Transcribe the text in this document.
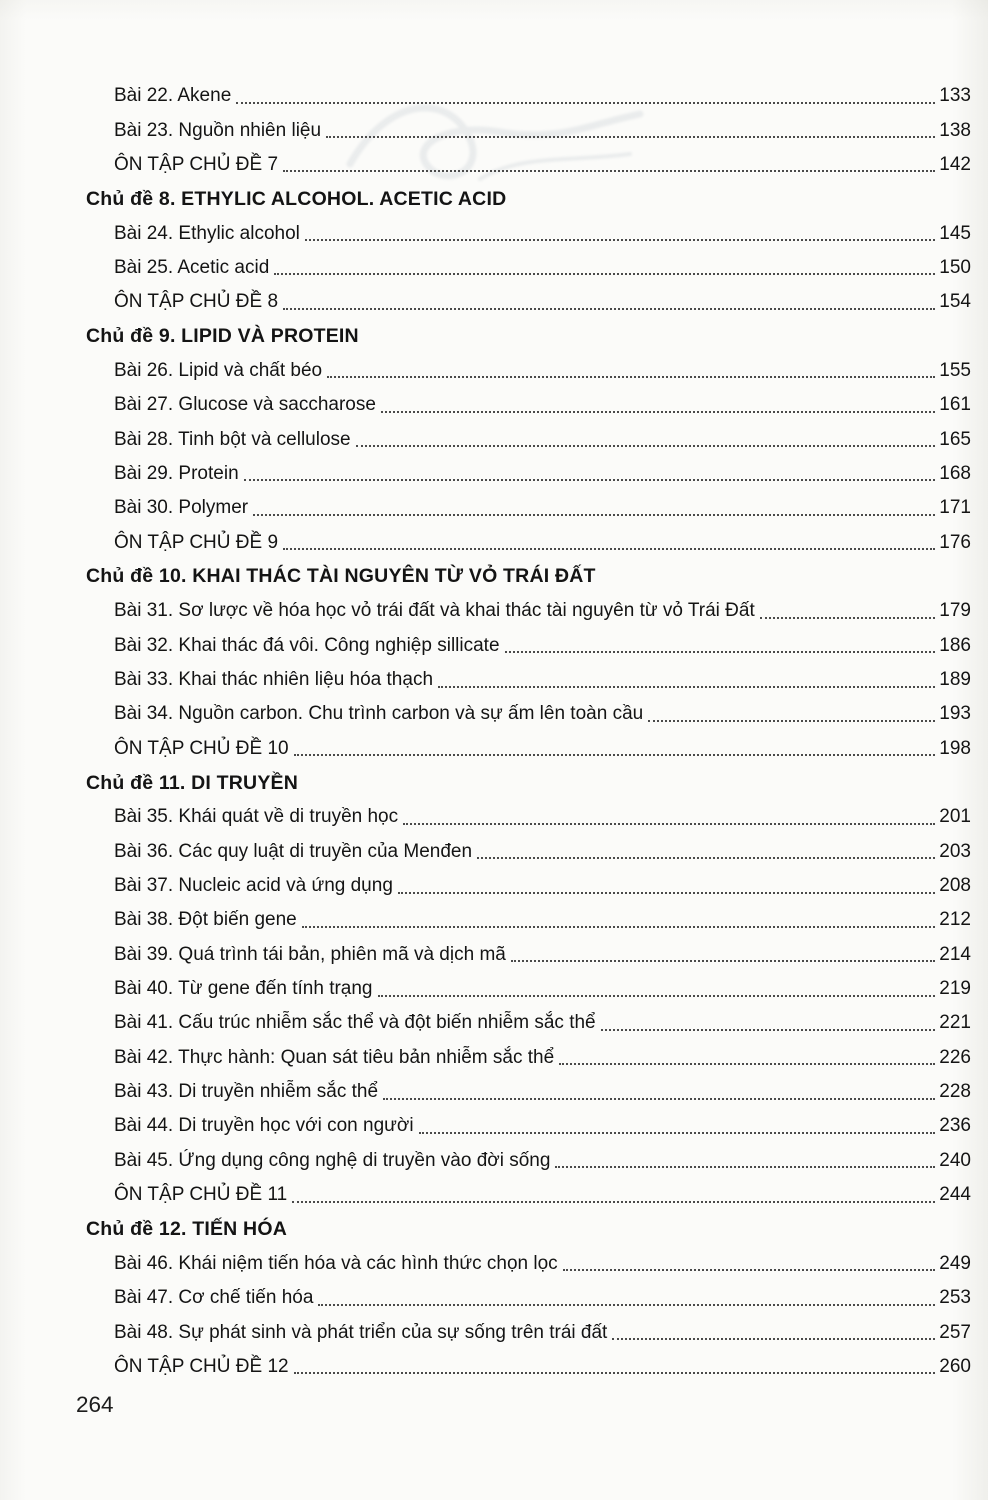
Bài 22. Akene	133
Bài 23. Nguồn nhiên liệu	138
ÔN TẬP CHỦ ĐỀ 7	142
Chủ đề 8. ETHYLIC ALCOHOL. ACETIC ACID
Bài 24. Ethylic alcohol	145
Bài 25. Acetic acid	150
ÔN TẬP CHỦ ĐỀ 8	154
Chủ đề 9. LIPID VÀ PROTEIN
Bài 26. Lipid và chất béo	155
Bài 27. Glucose và saccharose	161
Bài 28. Tinh bột và cellulose	165
Bài 29. Protein	168
Bài 30. Polymer	171
ÔN TẬP CHỦ ĐỀ 9	176
Chủ đề 10. KHAI THÁC TÀI NGUYÊN TỪ VỎ TRÁI ĐẤT
Bài 31. Sơ lược về hóa học vỏ trái đất và khai thác tài nguyên từ vỏ Trái Đất	179
Bài 32. Khai thác đá vôi. Công nghiệp sillicate	186
Bài 33. Khai thác nhiên liệu hóa thạch	189
Bài 34. Nguồn carbon. Chu trình carbon và sự ấm lên toàn cầu	193
ÔN TẬP CHỦ ĐỀ 10	198
Chủ đề 11. DI TRUYỀN
Bài 35. Khái quát về di truyền học	201
Bài 36. Các quy luật di truyền của Menđen	203
Bài 37. Nucleic acid và ứng dụng	208
Bài 38. Đột biến gene	212
Bài 39. Quá trình tái bản, phiên mã và dịch mã	214
Bài 40. Từ gene đến tính trạng	219
Bài 41. Cấu trúc nhiễm sắc thể và đột biến nhiễm sắc thể	221
Bài 42. Thực hành: Quan sát tiêu bản nhiễm sắc thể	226
Bài 43. Di truyền nhiễm sắc thể	228
Bài 44. Di truyền học với con người	236
Bài 45. Ứng dụng công nghệ di truyền vào đời sống	240
ÔN TẬP CHỦ ĐỀ 11	244
Chủ đề 12. TIẾN HÓA
Bài 46. Khái niệm tiến hóa và các hình thức chọn lọc	249
Bài 47. Cơ chế tiến hóa	253
Bài 48. Sự phát sinh và phát triển của sự sống trên trái đất	257
ÔN TẬP CHỦ ĐỀ 12	260
264
